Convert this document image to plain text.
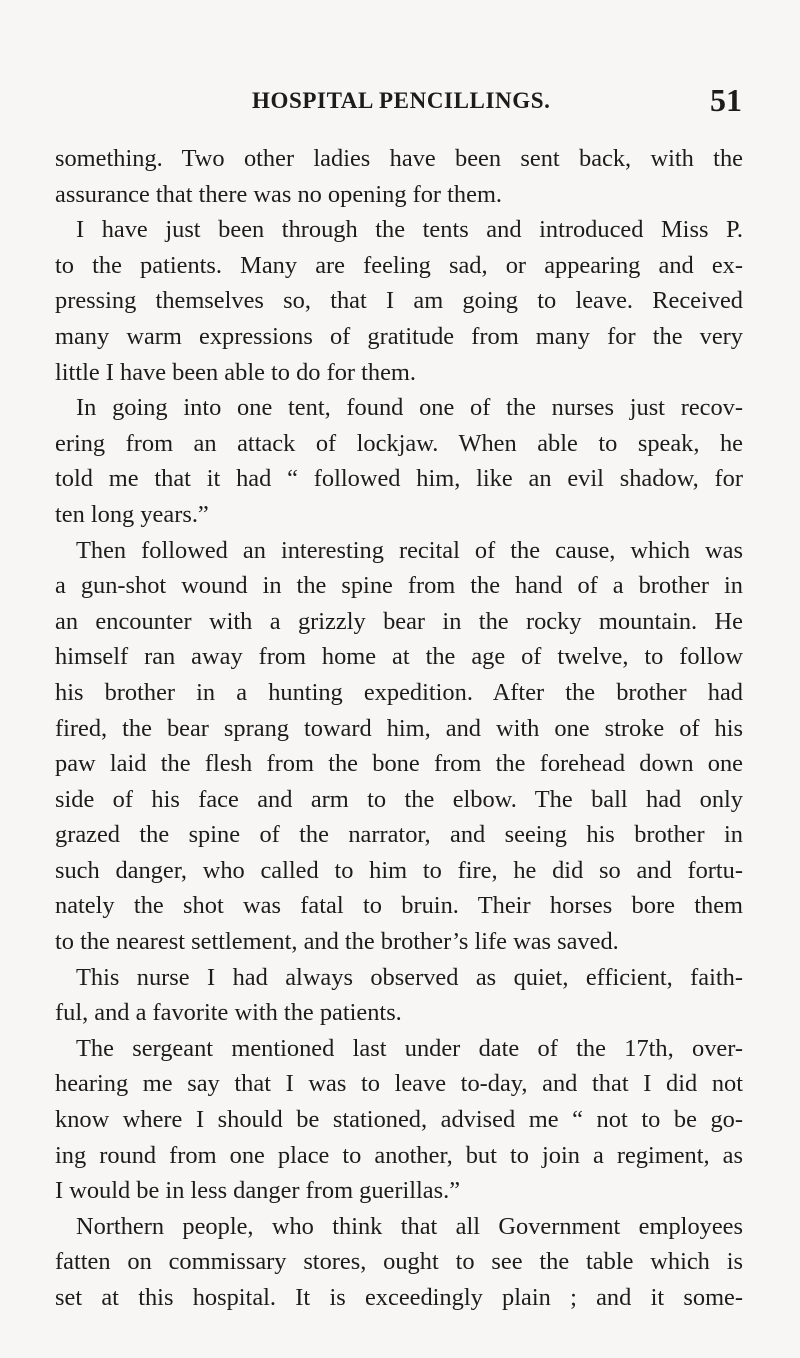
HOSPITAL PENCILLINGS.	51
something. Two other ladies have been sent back, with the
assurance that there was no opening for them.
I have just been through the tents and introduced Miss P.
to the patients. Many are feeling sad, or appearing and ex-
pressing themselves so, that I am going to leave. Received
many warm expressions of gratitude from many for the very
little I have been able to do for them.
In going into one tent, found one of the nurses just recov-
ering from an attack of lockjaw. When able to speak, he
told me that it had “ followed him, like an evil shadow, for
ten long years.”
Then followed an interesting recital of the cause, which was
a gun-shot wound in the spine from the hand of a brother in
an encounter with a grizzly bear in the rocky mountain. He
himself ran away from home at the age of twelve, to follow
his brother in a hunting expedition. After the brother had
fired, the bear sprang toward him, and with one stroke of his
paw laid the flesh from the bone from the forehead down one
side of his face and arm to the elbow. The ball had only
grazed the spine of the narrator, and seeing his brother in
such danger, who called to him to fire, he did so and fortu-
nately the shot was fatal to bruin. Their horses bore them
to the nearest settlement, and the brother’s life was saved.
This nurse I had always observed as quiet, efficient, faith-
ful, and a favorite with the patients.
The sergeant mentioned last under date of the 17th, over-
hearing me say that I was to leave to-day, and that I did not
know where I should be stationed, advised me “ not to be go-
ing round from one place to another, but to join a regiment, as
I would be in less danger from guerillas.”
Northern people, who think that all Government employees
fatten on commissary stores, ought to see the table which is
set at this hospital. It is exceedingly plain ; and it some-
